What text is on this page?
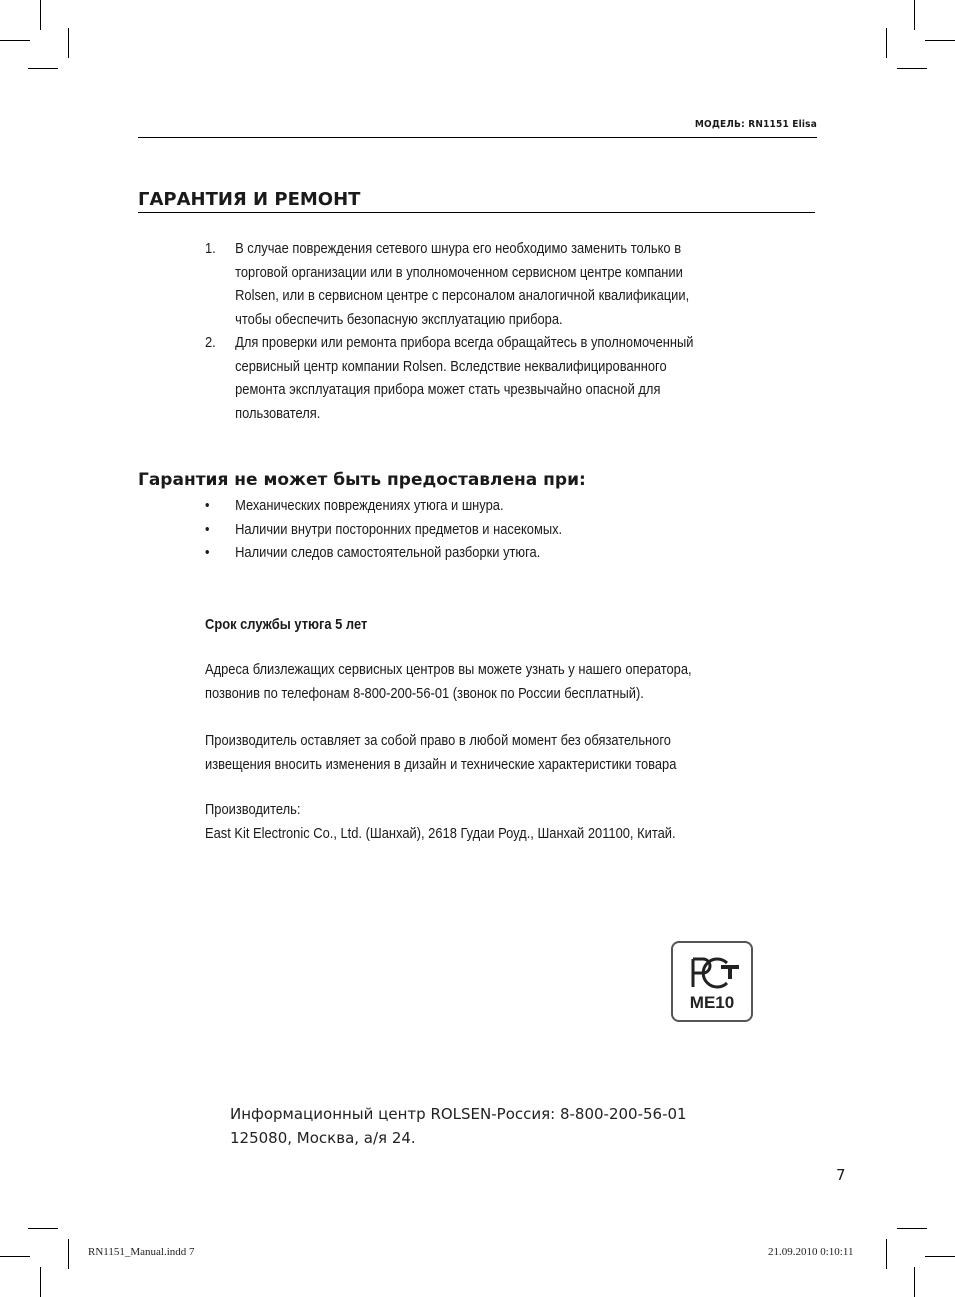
МОДЕЛЬ: RN1151 Elisa
ГАРАНТИЯ И РЕМОНТ
1.	В случае повреждения сетевого шнура его необходимо заменить только в
торговой организации или в уполномоченном сервисном центре компании
Rolsen, или в сервисном центре с персоналом аналогичной квалификации,
чтобы обеспечить безопасную эксплуатацию прибора.
2.	Для проверки или ремонта прибора всегда обращайтесь в уполномоченный
сервисный центр компании Rolsen. Вследствие неквалифицированного
ремонта эксплуатация прибора может стать чрезвычайно опасной для
пользователя.
Гарантия не может быть предоставлена при:
•	Механических повреждениях утюга и шнура.
•	Наличии внутри посторонних предметов и насекомых.
•	Наличии следов самостоятельной разборки утюга.
Срок службы утюга 5 лет
Адреса близлежащих сервисных центров вы можете узнать у нашего оператора,
позвонив по телефонам 8-800-200-56-01 (звонок по России бесплатный).
Производитель оставляет за собой право в любой момент без обязательного
извещения вносить изменения в дизайн и технические характеристики товара
Производитель:
East Kit Electronic Co., Ltd. (Шанхай), 2618 Гудаи Роуд., Шанхай 201100, Китай.
ME10
Информационный центр ROLSEN-Россия: 8-800-200-56-01
125080, Москва, а/я 24.
7
RN1151_Manual.indd 7	21.09.2010 0:10:11
